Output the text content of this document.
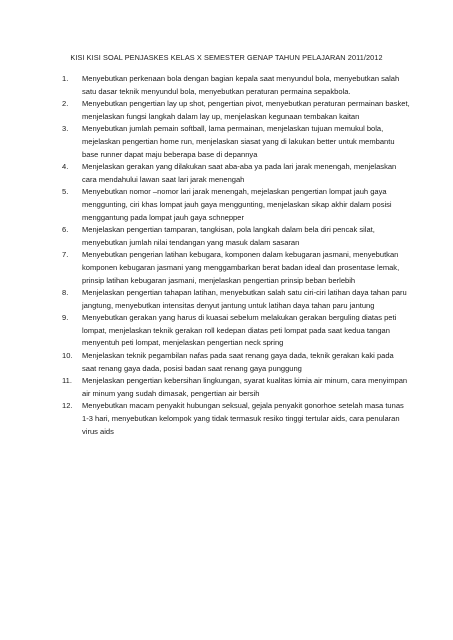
KISI KISI SOAL PENJASKES KELAS X SEMESTER GENAP TAHUN PELAJARAN 2011/2012
1.	Menyebutkan perkenaan bola dengan bagian kepala saat menyundul bola, menyebutkan salah satu dasar teknik menyundul bola, menyebutkan peraturan permaina sepakbola.
2.	Menyebutkan pengertian lay up shot, pengertian pivot, menyebutkan peraturan permainan basket, menjelaskan fungsi langkah dalam lay up, menjelaskan kegunaan tembakan kaitan
3.	Menyebutkan jumlah pemain softball, lama permainan, menjelaskan tujuan memukul bola, mejelaskan pengertian home run, menjelaskan siasat yang di lakukan better untuk membantu base runner dapat maju beberapa base di depannya
4.	Menjelaskan gerakan yang dilakukan saat aba-aba ya pada lari jarak menengah, menjelaskan cara mendahului lawan saat lari jarak menengah
5.	Menyebutkan nomor –nomor lari jarak menengah, mejelaskan pengertian lompat jauh gaya menggunting, ciri khas lompat jauh gaya menggunting, menjelaskan sikap akhir dalam posisi menggantung pada lompat jauh gaya schnepper
6.	Menjelaskan pengertian tamparan, tangkisan, pola langkah dalam bela diri pencak silat, menyebutkan jumlah nilai tendangan yang masuk dalam sasaran
7.	Menyebutkan pengerian latihan kebugara, komponen dalam kebugaran jasmani, menyebutkan komponen kebugaran jasmani yang menggambarkan berat badan ideal dan prosentase lemak, prinsip latihan kebugaran jasmani, menjelaskan pengertian prinsip beban berlebih
8.	Menjelaskan pengertian tahapan latihan, menyebutkan salah satu ciri-ciri latihan daya tahan paru jangtung, menyebutkan intensitas denyut jantung untuk latihan daya tahan paru jantung
9.	Menyebutkan gerakan yang harus di kuasai sebelum melakukan gerakan berguling diatas peti lompat, menjelaskan teknik gerakan roll kedepan diatas peti lompat pada saat kedua tangan menyentuh peti lompat, menjelaskan pengertian neck spring
10.	Menjelaskan teknik pegambilan nafas pada saat renang gaya dada, teknik gerakan kaki pada saat renang gaya dada, posisi badan saat renang gaya punggung
11.	Menjelaskan pengertian kebersihan lingkungan, syarat kualitas kimia air minum, cara menyimpan air minum yang sudah dimasak, pengertian air bersih
12.	Menyebutkan macam penyakit hubungan seksual, gejala penyakit gonorhoe setelah masa tunas 1-3 hari, menyebutkan kelompok yang tidak termasuk resiko tinggi tertular aids, cara penularan virus aids
